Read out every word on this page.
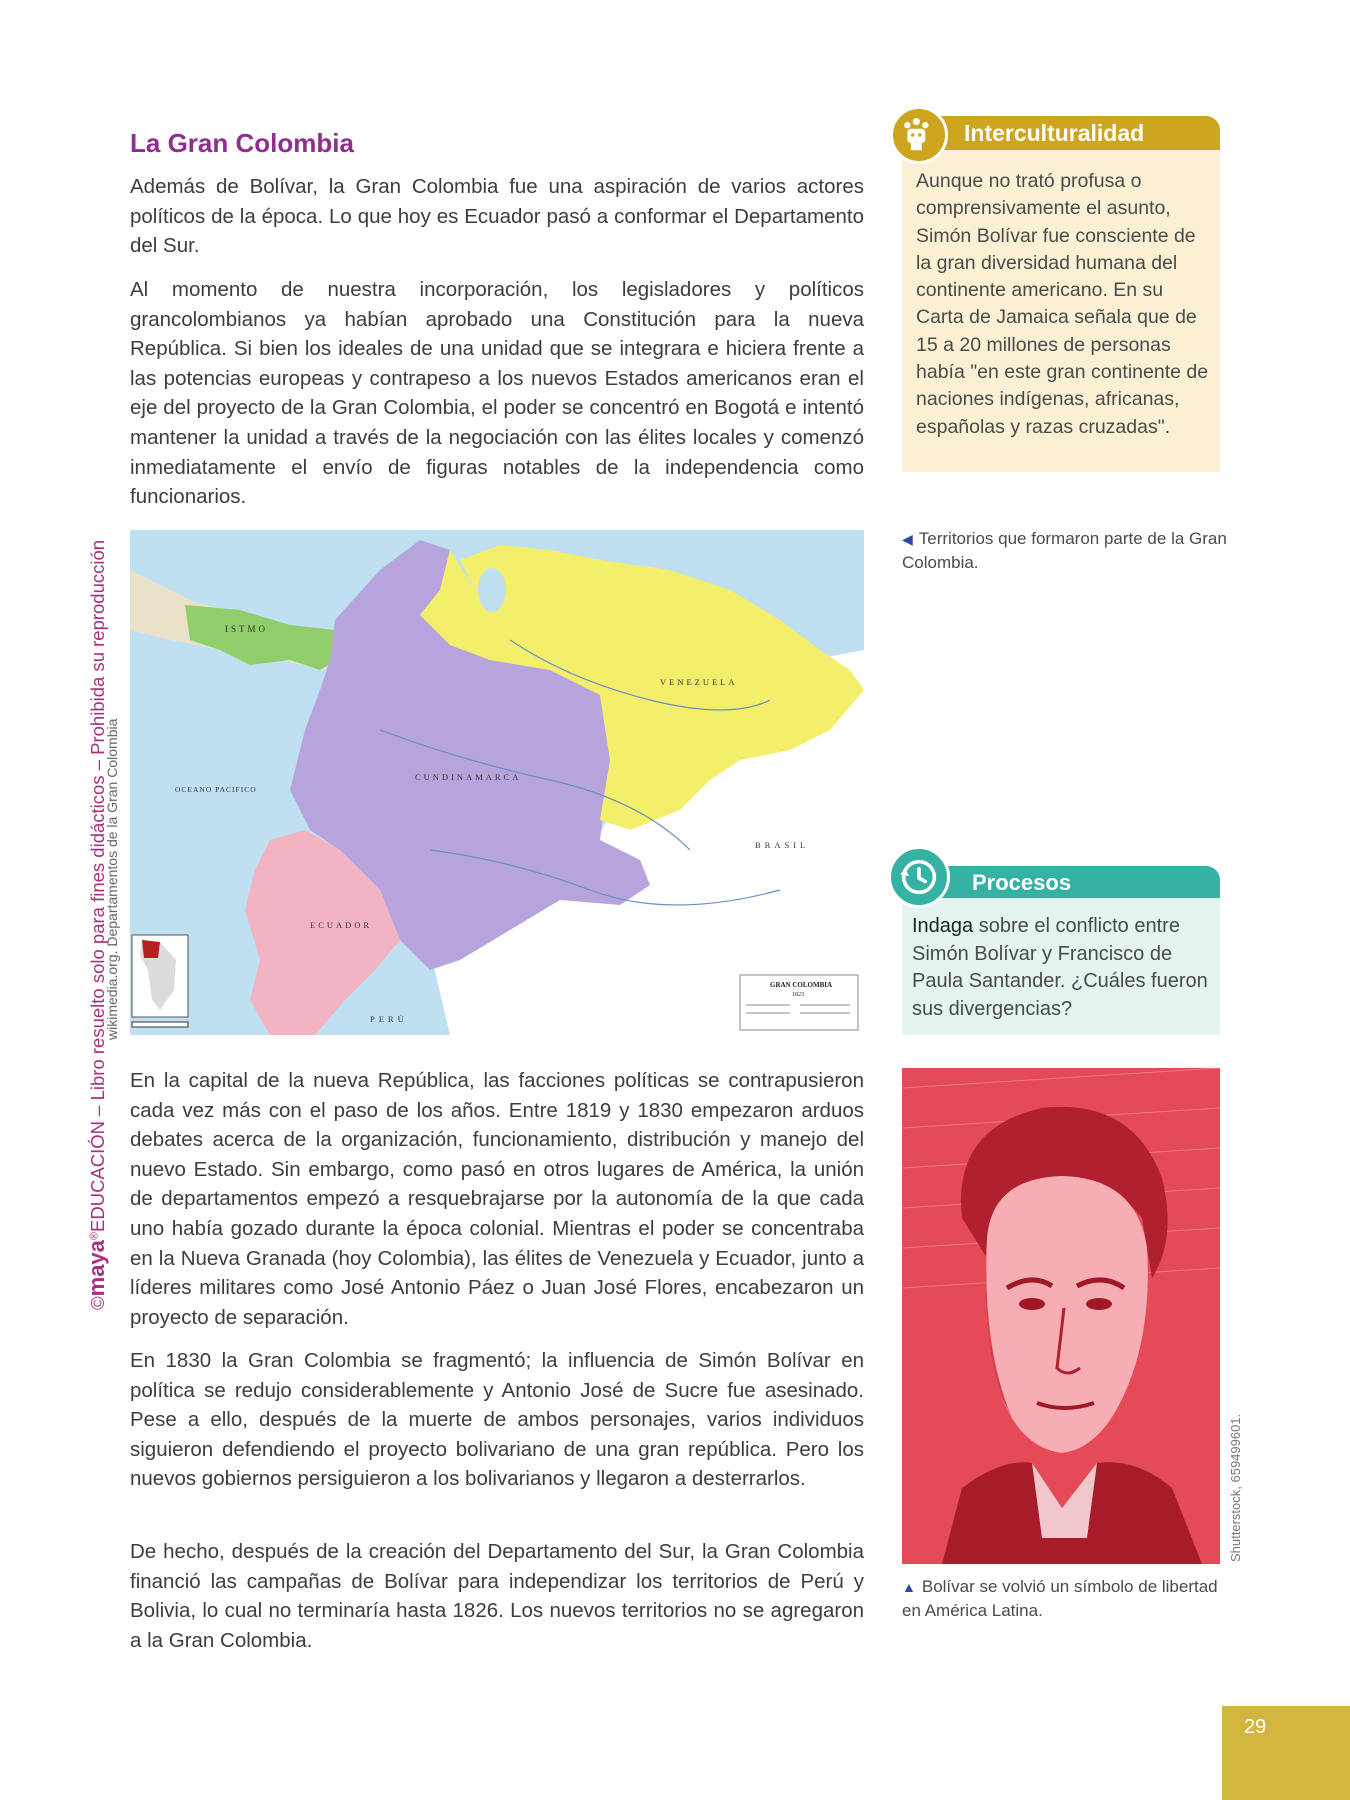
La Gran Colombia

Además de Bolívar, la Gran Colombia fue una aspiración de varios actores políticos de la época. Lo que hoy es Ecuador pasó a conformar el Departamento del Sur.

Al momento de nuestra incorporación, los legisladores y políticos grancolombianos ya habían aprobado una Constitución para la nueva República. Si bien los ideales de una unidad que se integrara e hiciera frente a las potencias europeas y contrapeso a los nuevos Estados americanos eran el eje del proyecto de la Gran Colombia, el poder se concentró en Bogotá e intentó mantener la unidad a través de la negociación con las élites locales y comenzó inmediatamente el envío de figuras notables de la independencia como funcionarios.

ISTMO
VENEZUELA
CUNDINAMARCA
ECUADOR
BRASIL
PERÚ
OCEANO PACIFICO
GRAN COLOMBIA
1823

En la capital de la nueva República, las facciones políticas se contrapusieron cada vez más con el paso de los años. Entre 1819 y 1830 empezaron arduos debates acerca de la organización, funcionamiento, distribución y manejo del nuevo Estado. Sin embargo, como pasó en otros lugares de América, la unión de departamentos empezó a resquebrajarse por la autonomía de la que cada uno había gozado durante la época colonial. Mientras el poder se concentraba en la Nueva Granada (hoy Colombia), las élites de Venezuela y Ecuador, junto a líderes militares como José Antonio Páez o Juan José Flores, encabezaron un proyecto de separación.

En 1830 la Gran Colombia se fragmentó; la influencia de Simón Bolívar en política se redujo considerablemente y Antonio José de Sucre fue asesinado. Pese a ello, después de la muerte de ambos personajes, varios individuos siguieron defendiendo el proyecto bolivariano de una gran república. Pero los nuevos gobiernos persiguieron a los bolivarianos y llegaron a desterrarlos.

De hecho, después de la creación del Departamento del Sur, la Gran Colombia financió las campañas de Bolívar para independizar los territorios de Perú y Bolivia, lo cual no terminaría hasta 1826. Los nuevos territorios no se agregaron a la Gran Colombia.

©maya®EDUCACIÓN – Libro resuelto solo para fines didácticos – Prohibida su reproducción
wikimedia.org. Departamentos de la Gran Colombia
Interculturalidad
Aunque no trató profusa o comprensivamente el asunto, Simón Bolívar fue consciente de la gran diversidad humana del continente americano. En su Carta de Jamaica señala que de 15 a 20 millones de personas había "en este gran continente de naciones indígenas, africanas, españolas y razas cruzadas".
◀ Territorios que formaron parte de la Gran Colombia.
Procesos
Indaga sobre el conflicto entre Simón Bolívar y Francisco de Paula Santander. ¿Cuáles fueron sus divergencias?
Shutterstock, 659499601.
▲ Bolívar se volvió un símbolo de libertad en América Latina.
29
